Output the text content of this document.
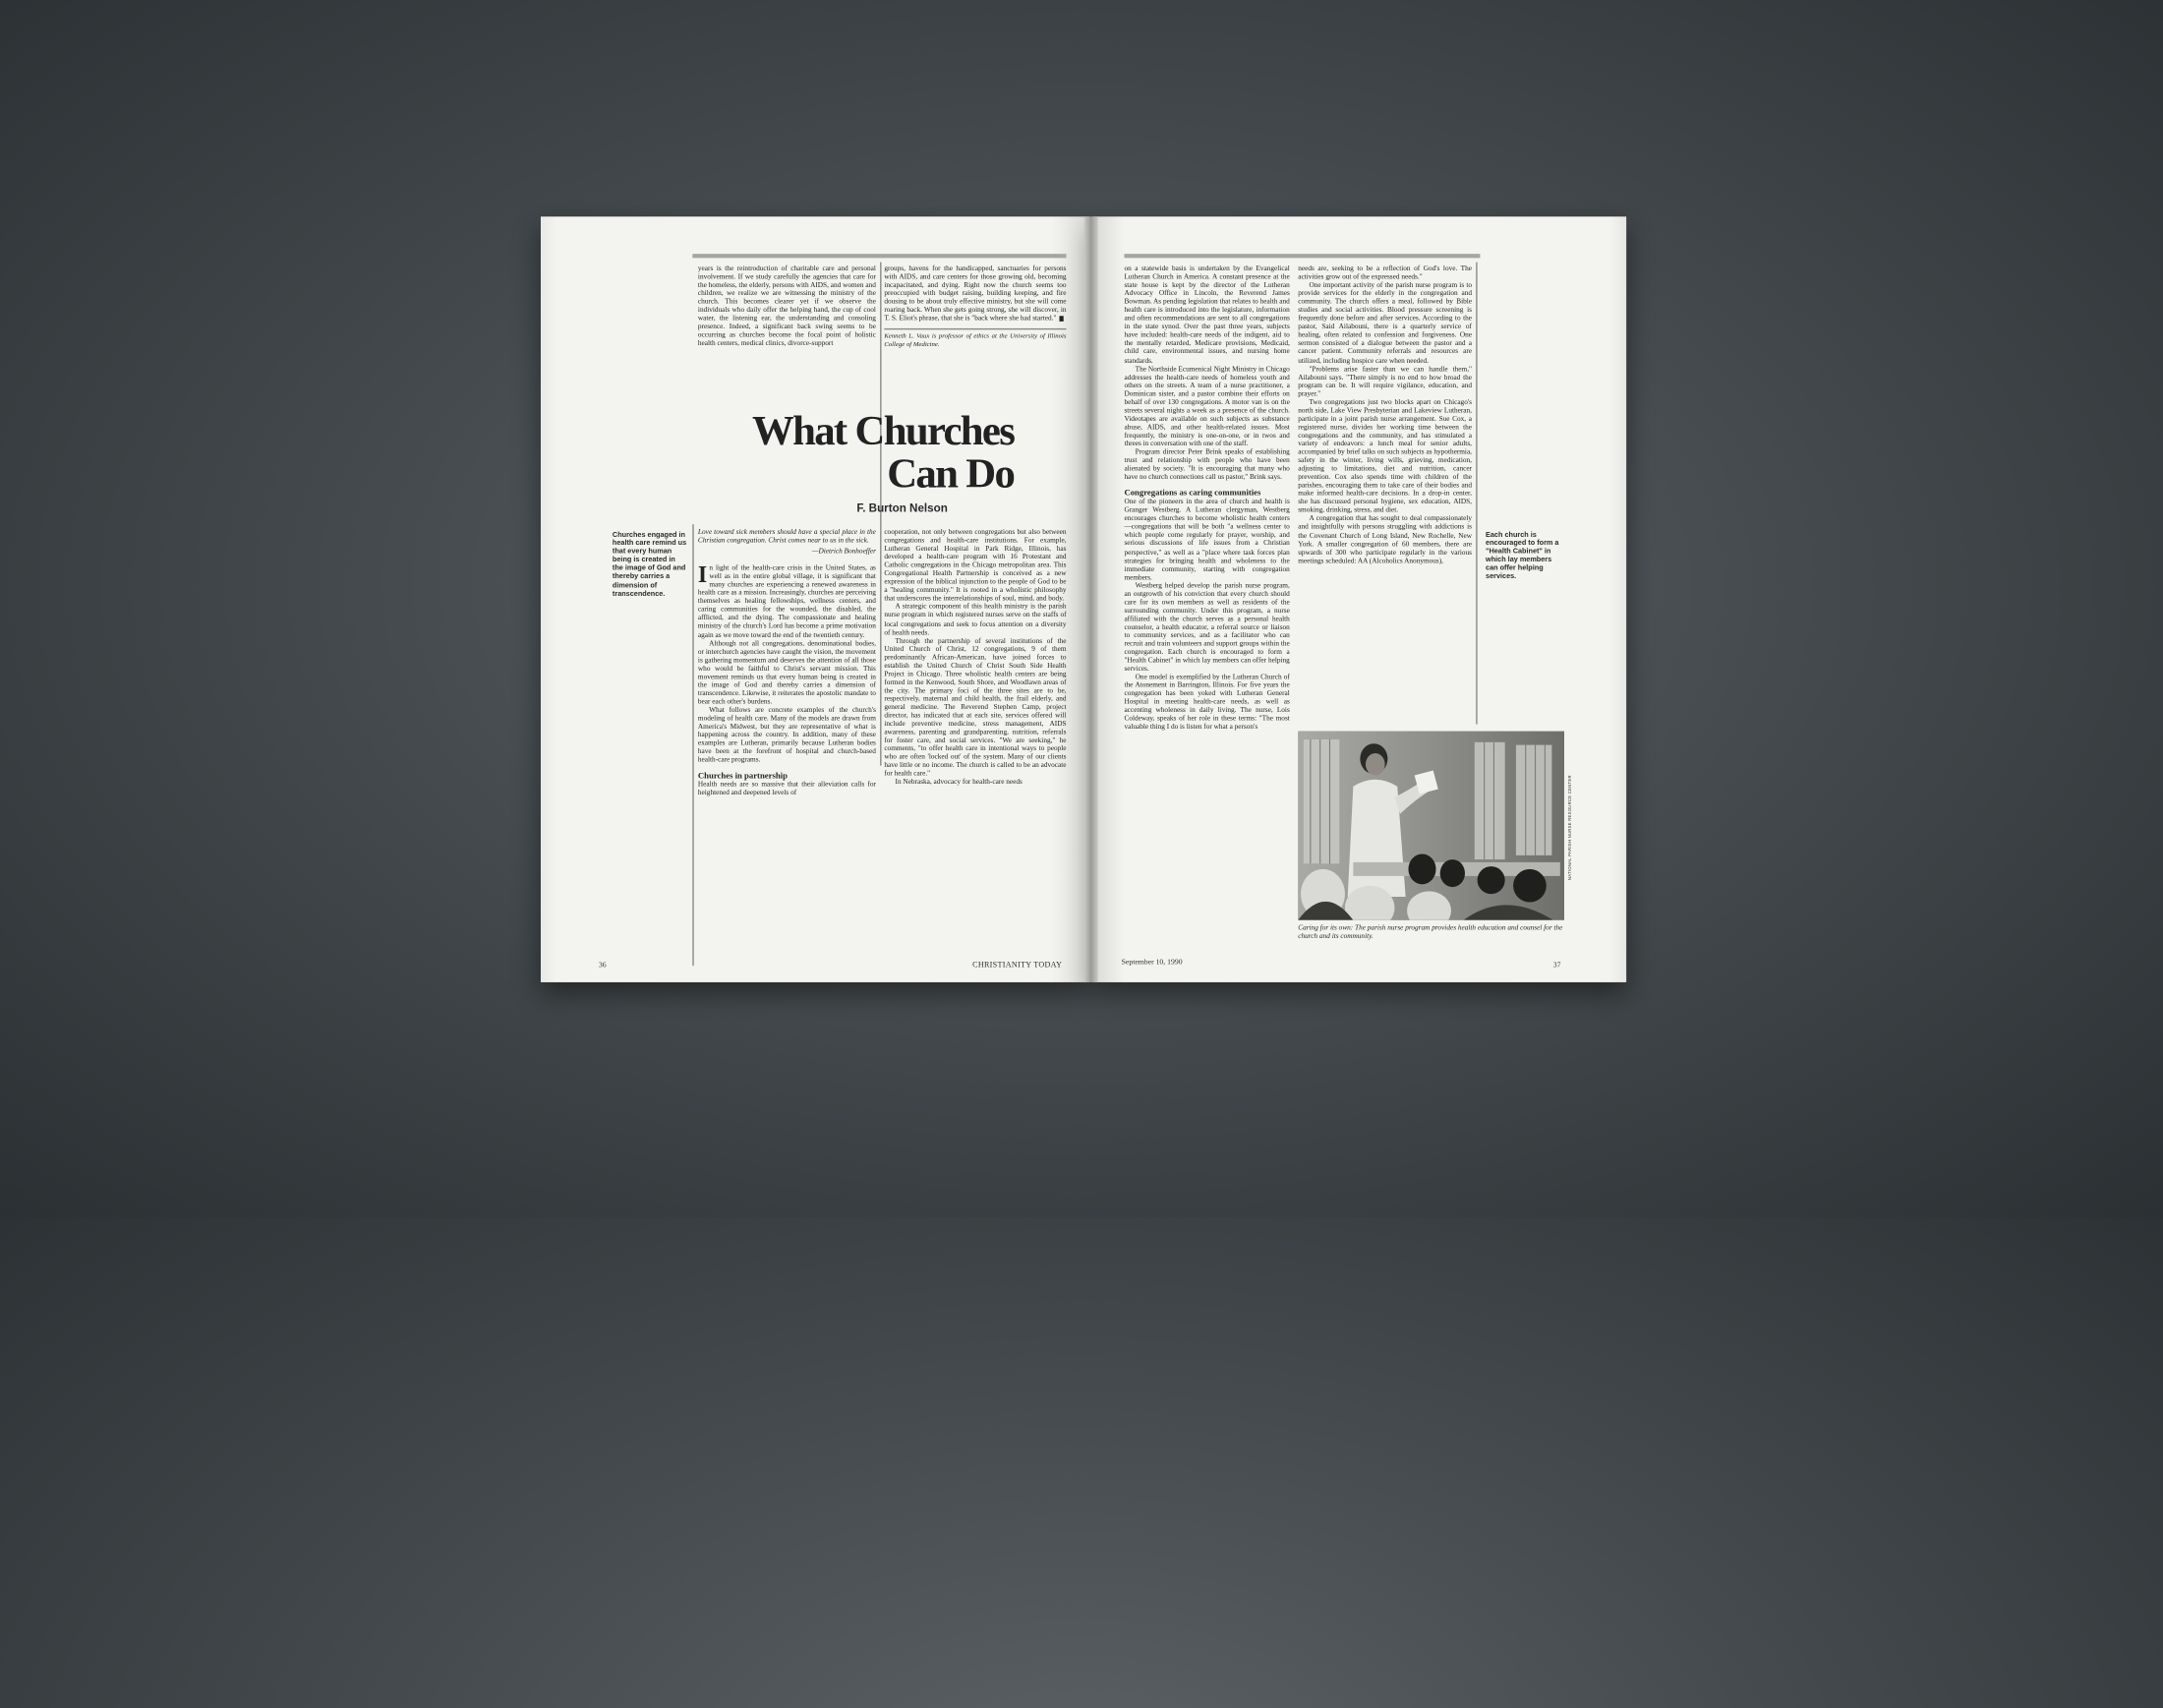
years is the reintroduction of charitable care and personal involvement. If we study carefully the agencies that care for the homeless, the elderly, persons with AIDS, and women and children, we realize we are witnessing the ministry of the church. This becomes clearer yet if we observe the individuals who daily offer the helping hand, the cup of cool water, the listening ear, the understanding and consoling presence. Indeed, a significant back swing seems to be occurring as churches become the focal point of holistic health centers, medical clinics, divorce-support

groups, havens for the handicapped, sanctuaries for persons with AIDS, and care centers for those growing old, becoming incapacitated, and dying. Right now the church seems too preoccupied with budget raising, building keeping, and fire dousing to be about truly effective ministry, but she will come roaring back. When she gets going strong, she will discover, in T. S. Eliot's phrase, that she is "back where she had started."

Kenneth L. Vaux is professor of ethics at the University of Illinois College of Medicine.

What Churches
Can Do
F. Burton Nelson
Churches engaged in health care remind us that every human being is created in the image of God and thereby carries a dimension of transcendence.

Love toward sick members should have a special place in the Christian congregation. Christ comes near to us in the sick.

—Dietrich Bonhoeffer

In light of the health-care crisis in the United States, as well as in the entire global village, it is significant that many churches are experiencing a renewed awareness in health care as a mission. Increasingly, churches are perceiving themselves as healing fellowships, wellness centers, and caring communities for the wounded, the disabled, the afflicted, and the dying. The compassionate and healing ministry of the church's Lord has become a prime motivation again as we move toward the end of the twentieth century.

Although not all congregations, denominational bodies, or interchurch agencies have caught the vision, the movement is gathering momentum and deserves the attention of all those who would be faithful to Christ's servant mission. This movement reminds us that every human being is created in the image of God and thereby carries a dimension of transcendence. Likewise, it reiterates the apostolic mandate to bear each other's burdens.

What follows are concrete examples of the church's modeling of health care. Many of the models are drawn from America's Midwest, but they are representative of what is happening across the country. In addition, many of these examples are Lutheran, primarily because Lutheran bodies have been at the forefront of hospital and church-based health-care programs.

Churches in partnership

Health needs are so massive that their alleviation calls for heightened and deepened levels of

cooperation, not only between congregations but also between congregations and health-care institutions. For example, Lutheran General Hospital in Park Ridge, Illinois, has developed a health-care program with 16 Protestant and Catholic congregations in the Chicago metropolitan area. This Congregational Health Partnership is conceived as a new expression of the biblical injunction to the people of God to be a "healing community." It is rooted in a wholistic philosophy that underscores the interrelationships of soul, mind, and body.

A strategic component of this health ministry is the parish nurse program in which registered nurses serve on the staffs of local congregations and seek to focus attention on a diversity of health needs.

Through the partnership of several institutions of the United Church of Christ, 12 congregations, 9 of them predominantly African-American, have joined forces to establish the United Church of Christ South Side Health Project in Chicago. Three wholistic health centers are being formed in the Kenwood, South Shore, and Woodlawn areas of the city. The primary foci of the three sites are to be, respectively, maternal and child health, the frail elderly, and general medicine. The Reverend Stephen Camp, project director, has indicated that at each site, services offered will include preventive medicine, stress management, AIDS awareness, parenting and grandparenting, nutrition, referrals for foster care, and social services. "We are seeking," he comments, "to offer health care in intentional ways to people who are often 'locked out' of the system. Many of our clients have little or no income. The church is called to be an advocate for health care."

In Nebraska, advocacy for health-care needs

on a statewide basis is undertaken by the Evangelical Lutheran Church in America. A constant presence at the state house is kept by the director of the Lutheran Advocacy Office in Lincoln, the Reverend James Bowman. As pending legislation that relates to health and health care is introduced into the legislature, information and often recommendations are sent to all congregations in the state synod. Over the past three years, subjects have included: health-care needs of the indigent, aid to the mentally retarded, Medicare provisions, Medicaid, child care, environmental issues, and nursing home standards.

The Northside Ecumenical Night Ministry in Chicago addresses the health-care needs of homeless youth and others on the streets. A team of a nurse practitioner, a Dominican sister, and a pastor combine their efforts on behalf of over 130 congregations. A motor van is on the streets several nights a week as a presence of the church. Videotapes are available on such subjects as substance abuse, AIDS, and other health-related issues. Most frequently, the ministry is one-on-one, or in twos and threes in conversation with one of the staff.

Program director Peter Brink speaks of establishing trust and relationship with people who have been alienated by society. "It is encouraging that many who have no church connections call us pastor," Brink says.

Congregations as caring communities

One of the pioneers in the area of church and health is Granger Westberg. A Lutheran clergyman, Westberg encourages churches to become wholistic health centers—congregations that will be both "a wellness center to which people come regularly for prayer, worship, and serious discussions of life issues from a Christian perspective," as well as a "place where task forces plan strategies for bringing health and wholeness to the immediate community, starting with congregation members.

Westberg helped develop the parish nurse program, an outgrowth of his conviction that every church should care for its own members as well as residents of the surrounding community. Under this program, a nurse affiliated with the church serves as a personal health counselor, a health educator, a referral source or liaison to community services, and as a facilitator who can recruit and train volunteers and support groups within the congregation. Each church is encouraged to form a "Health Cabinet" in which lay members can offer helping services.

One model is exemplified by the Lutheran Church of the Atonement in Barrington, Illinois. For five years the congregation has been yoked with Lutheran General Hospital in meeting health-care needs, as well as accenting wholeness in daily living. The nurse, Lois Coldeway, speaks of her role in these terms: "The most valuable thing I do is listen for what a person's

needs are, seeking to be a reflection of God's love. The activities grow out of the expressed needs."

One important activity of the parish nurse program is to provide services for the elderly in the congregation and community. The church offers a meal, followed by Bible studies and social activities. Blood pressure screening is frequently done before and after services. According to the pastor, Said Ailabouni, there is a quarterly service of healing, often related to confession and forgiveness. One sermon consisted of a dialogue between the pastor and a cancer patient. Community referrals and resources are utilized, including hospice care when needed.

"Problems arise faster than we can handle them," Ailabouni says. "There simply is no end to how broad the program can be. It will require vigilance, education, and prayer."

Two congregations just two blocks apart on Chicago's north side, Lake View Presbyterian and Lakeview Lutheran, participate in a joint parish nurse arrangement. Sue Cox, a registered nurse, divides her working time between the congregations and the community, and has stimulated a variety of endeavors: a lunch meal for senior adults, accompanied by brief talks on such subjects as hypothermia, safety in the winter, living wills, grieving, medication, adjusting to limitations, diet and nutrition, cancer prevention. Cox also spends time with children of the parishes, encouraging them to take care of their bodies and make informed health-care decisions. In a drop-in center, she has discussed personal hygiene, sex education, AIDS, smoking, drinking, stress, and diet.

A congregation that has sought to deal compassionately and insightfully with persons struggling with addictions is the Covenant Church of Long Island, New Rochelle, New York. A smaller congregation of 60 members, there are upwards of 300 who participate regularly in the various meetings scheduled: AA (Alcoholics Anonymous),

Each church is encouraged to form a "Health Cabinet" in which lay members can offer helping services.
NATIONAL PARISH NURSE RESOURCE CENTER
Caring for its own: The parish nurse program provides health education and counsel for the church and its community.
36	CHRISTIANITY TODAY	September 10, 1990	37
